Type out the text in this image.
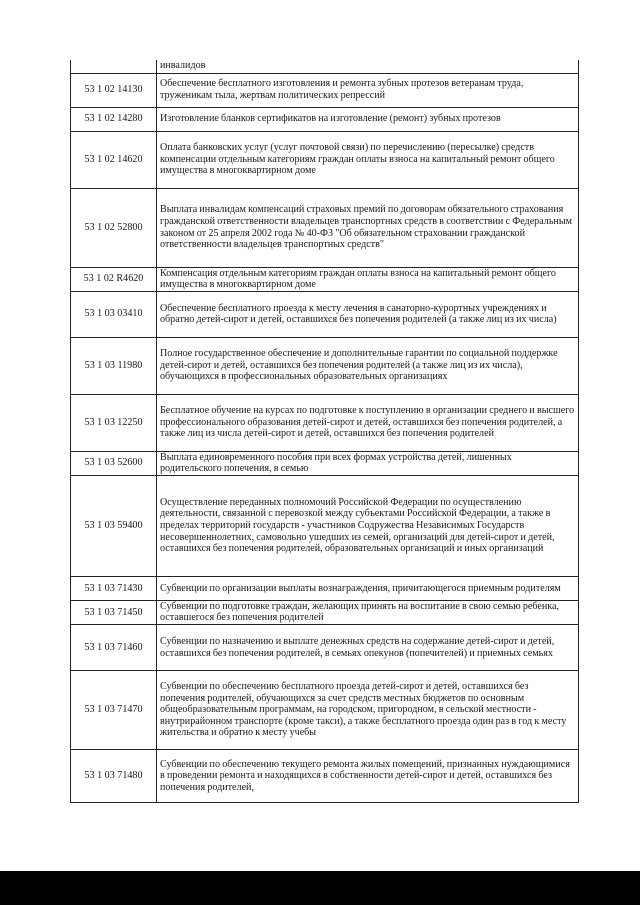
	инвалидов
53 1 02 14130	Обеспечение бесплатного изготовления и ремонта зубных протезов ветеранам труда, труженикам тыла, жертвам политических репрессий
53 1 02 14280	Изготовление бланков сертификатов на изготовление (ремонт) зубных протезов
53 1 02 14620	Оплата банковских услуг (услуг почтовой связи) по перечислению (пересылке) средств компенсации отдельным категориям граждан оплаты взноса на капитальный ремонт общего имущества в многоквартирном доме
53 1 02 52800	Выплата инвалидам компенсаций страховых премий по договорам обязательного страхования гражданской ответственности владельцев транспортных средств в соответствии с Федеральным законом от 25 апреля 2002 года № 40-ФЗ "Об обязательном страховании гражданской ответственности владельцев транспортных средств"
53 1 02 R4620	Компенсация отдельным категориям граждан оплаты взноса на капитальный ремонт общего имущества в многоквартирном доме
53 1 03 03410	Обеспечение бесплатного проезда к месту лечения в санаторно-курортных учреждениях и обратно детей-сирот и детей, оставшихся без попечения родителей (а также лиц из их числа)
53 1 03 11980	Полное государственное обеспечение и дополнительные гарантии по социальной поддержке детей-сирот и детей, оставшихся без попечения родителей (а также лиц из их числа), обучающихся в профессиональных образовательных организациях
53 1 03 12250	Бесплатное обучение на курсах по подготовке к поступлению в организации среднего и высшего профессионального образования детей-сирот и детей, оставшихся без попечения родителей, а также лиц из числа детей-сирот и детей, оставшихся без попечения родителей
53 1 03 52600	Выплата единовременного пособия при всех формах устройства детей, лишенных родительского попечения, в семью
53 1 03 59400	Осуществление переданных полномочий Российской Федерации по осуществлению деятельности, связанной с перевозкой между субъектами Российской Федерации, а также в пределах территорий государств - участников Содружества Независимых Государств несовершеннолетних, самовольно ушедших из семей, организаций для детей-сирот и детей, оставшихся без попечения родителей, образовательных организаций и иных организаций
53 1 03 71430	Субвенции по организации выплаты вознаграждения, причитающегося приемным родителям
53 1 03 71450	Субвенции по подготовке граждан, желающих принять на воспитание в свою семью ребенка, оставшегося без попечения родителей
53 1 03 71460	Субвенции по назначению и выплате денежных средств на содержание детей-сирот и детей, оставшихся без попечения родителей, в семьях опекунов (попечителей) и приемных семьях
53 1 03 71470	Субвенции по обеспечению бесплатного проезда детей-сирот и детей, оставшихся без попечения родителей, обучающихся за счет средств местных бюджетов по основным общеобразовательным программам, на городском, пригородном, в сельской местности - внутрирайонном транспорте (кроме такси), а также бесплатного проезда один раз в год к месту жительства и обратно к месту учебы
53 1 03 71480	Субвенции по обеспечению текущего ремонта жилых помещений, признанных нуждающимися в проведении ремонта и находящихся в собственности детей-сирот и детей, оставшихся без попечения родителей,
